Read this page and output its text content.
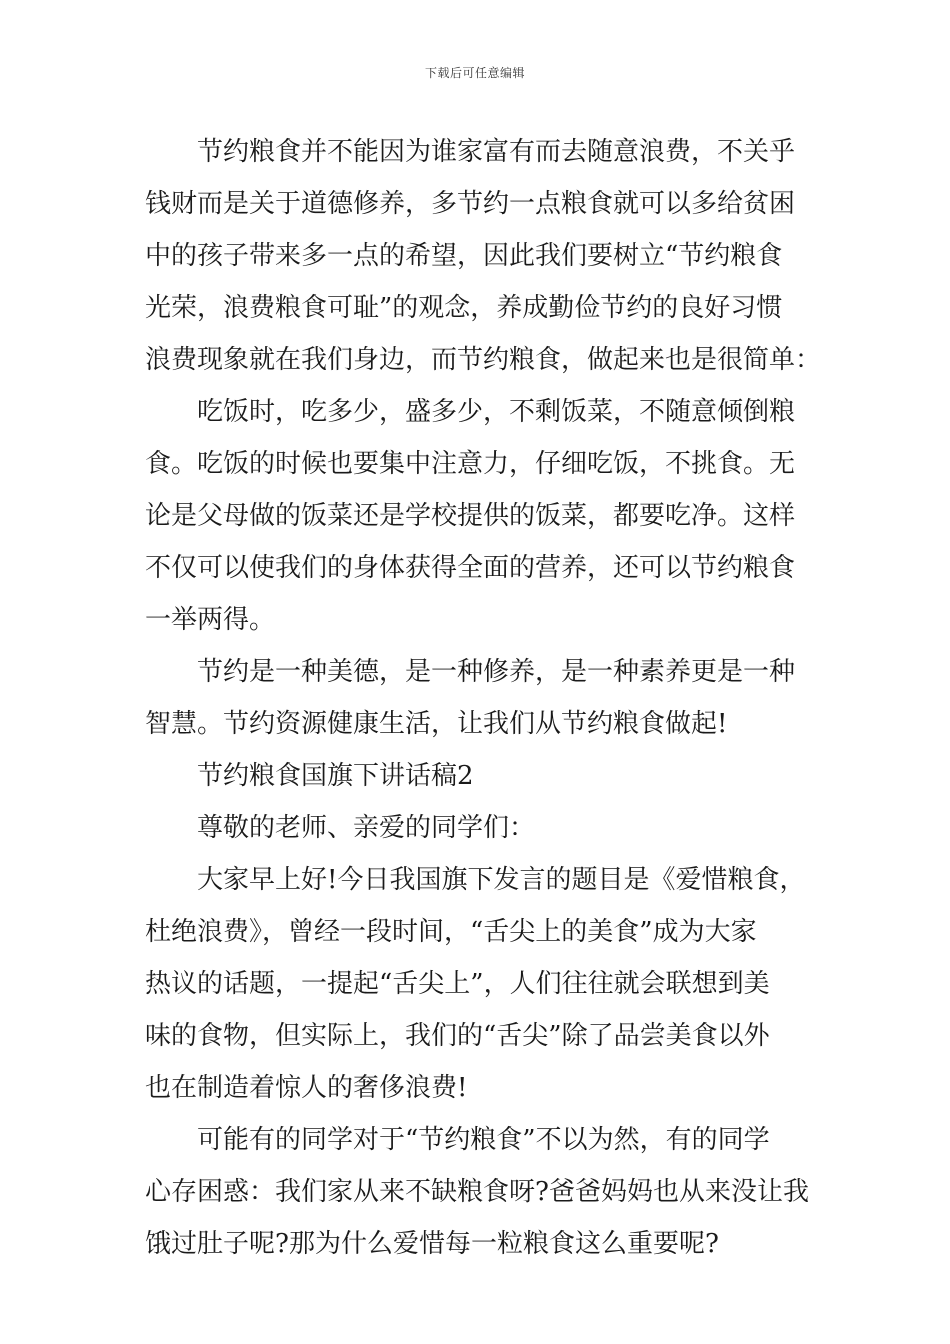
下载后可任意编辑
节约粮食并不能因为谁家富有而去随意浪费，不关乎
钱财而是关于道德修养，多节约一点粮食就可以多给贫困
中的孩子带来多一点的希望，因此我们要树立“节约粮食
光荣，浪费粮食可耻”的观念，养成勤俭节约的良好习惯
浪费现象就在我们身边，而节约粮食，做起来也是很简单：
吃饭时，吃多少，盛多少，不剩饭菜，不随意倾倒粮
食。吃饭的时候也要集中注意力，仔细吃饭，不挑食。无
论是父母做的饭菜还是学校提供的饭菜，都要吃净。这样
不仅可以使我们的身体获得全面的营养，还可以节约粮食
一举两得。
节约是一种美德，是一种修养，是一种素养更是一种
智慧。节约资源健康生活，让我们从节约粮食做起!
节约粮食国旗下讲话稿2
尊敬的老师、亲爱的同学们：
大家早上好!今日我国旗下发言的题目是《爱惜粮食，
杜绝浪费》，曾经一段时间，“舌尖上的美食”成为大家
热议的话题，一提起“舌尖上”，人们往往就会联想到美
味的食物，但实际上，我们的“舌尖”除了品尝美食以外
也在制造着惊人的奢侈浪费!
可能有的同学对于“节约粮食”不以为然，有的同学
心存困惑：我们家从来不缺粮食呀?爸爸妈妈也从来没让我
饿过肚子呢?那为什么爱惜每一粒粮食这么重要呢?
